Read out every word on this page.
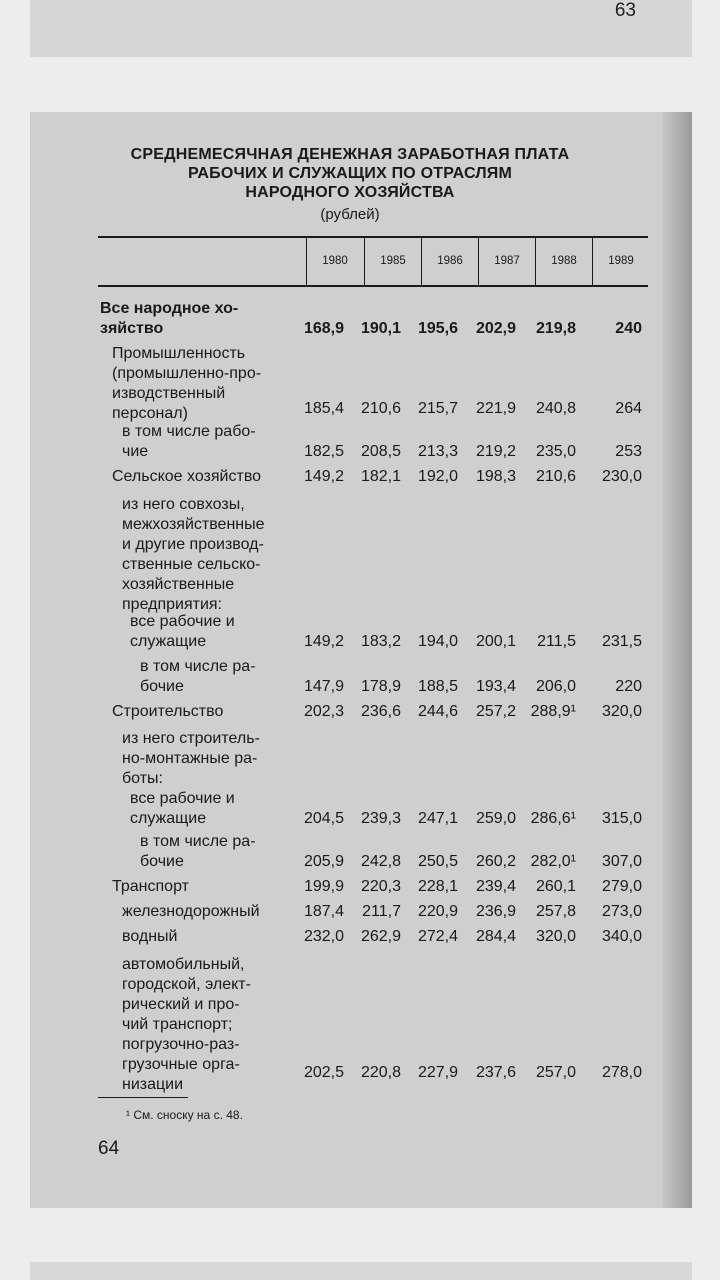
63
СРЕДНЕМЕСЯЧНАЯ ДЕНЕЖНАЯ ЗАРАБОТНАЯ ПЛАТА
РАБОЧИХ И СЛУЖАЩИХ ПО ОТРАСЛЯМ
НАРОДНОГО ХОЗЯЙСТВА
(рублей)
1980	1985	1986	1987	1988	1989
Все народное хо-
зяйство	168,9	190,1	195,6	202,9	219,8	240
Промышленность
(промышленно-про-
изводственный
персонал)	185,4	210,6	215,7	221,9	240,8	264
в том числе рабо-
чие	182,5	208,5	213,3	219,2	235,0	253
Сельское хозяйство	149,2	182,1	192,0	198,3	210,6	230,0
из него совхозы,
межхозяйственные
и другие производ-
ственные сельско-
хозяйственные
предприятия:
все рабочие и
служащие	149,2	183,2	194,0	200,1	211,5	231,5
в том числе ра-
бочие	147,9	178,9	188,5	193,4	206,0	220
Строительство	202,3	236,6	244,6	257,2 288,9¹	320,0
из него строитель-
но-монтажные ра-
боты:
все рабочие и
служащие	204,5	239,3	247,1	259,0 286,6¹	315,0
в том числе ра-
бочие	205,9	242,8	250,5	260,2 282,0¹	307,0
Транспорт	199,9	220,3	228,1	239,4	260,1	279,0
железнодорожный	187,4	211,7	220,9	236,9	257,8	273,0
водный	232,0	262,9	272,4	284,4	320,0	340,0
автомобильный,
городской, элект-
рический и про-
чий транспорт;
погрузочно-раз-
грузочные орга-
низации
202,5	220,8	227,9	237,6	257,0	278,0
¹ См. сноску на с. 48.
64
